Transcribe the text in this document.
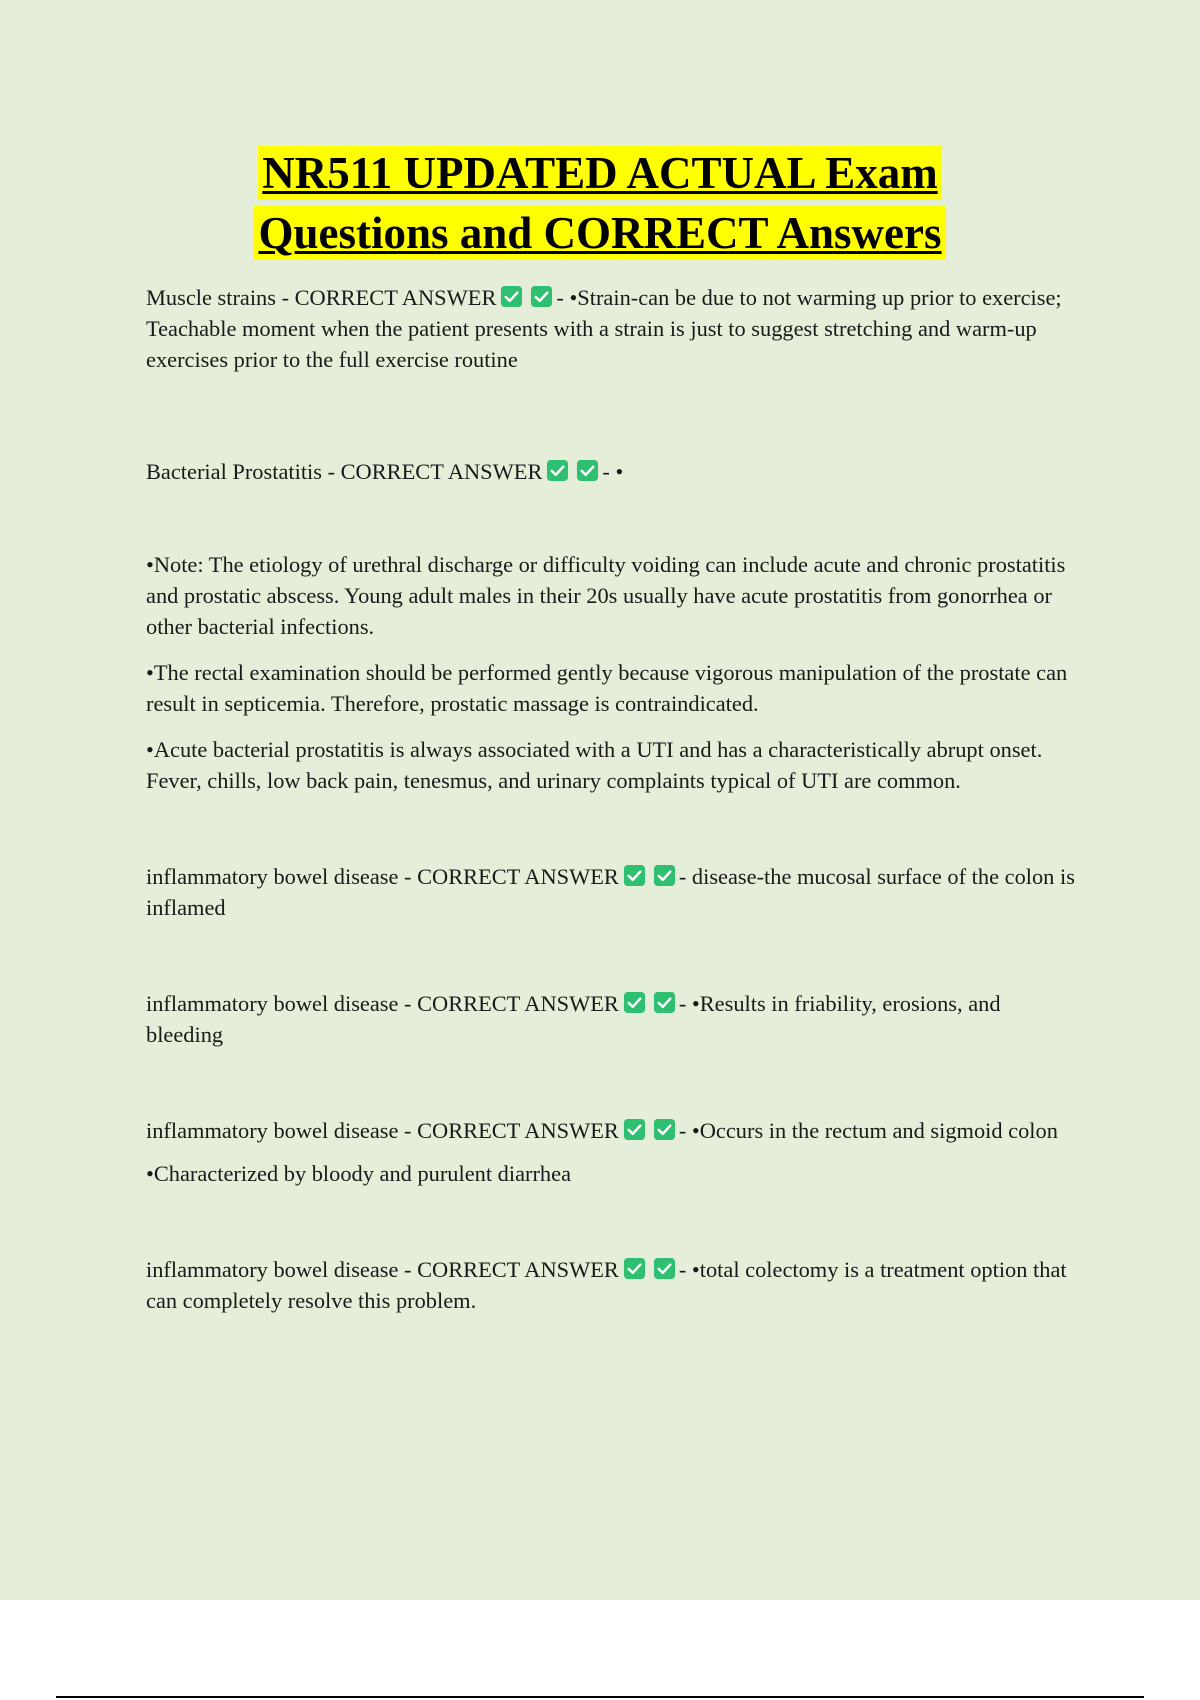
NR511 UPDATED ACTUAL Exam
Questions and CORRECT Answers

Muscle strains - CORRECT ANSWER	- •Strain-can be due to not warming up prior to exercise; Teachable moment when the patient presents with a strain is just to suggest stretching and warm-up exercises prior to the full exercise routine

Bacterial Prostatitis - CORRECT ANSWER	- •

•Note: The etiology of urethral discharge or difficulty voiding can include acute and chronic prostatitis and prostatic abscess. Young adult males in their 20s usually have acute prostatitis from gonorrhea or other bacterial infections.

•The rectal examination should be performed gently because vigorous manipulation of the prostate can result in septicemia. Therefore, prostatic massage is contraindicated.

•Acute bacterial prostatitis is always associated with a UTI and has a characteristically abrupt onset. Fever, chills, low back pain, tenesmus, and urinary complaints typical of UTI are common.

inflammatory bowel disease - CORRECT ANSWER	- disease-the mucosal surface of the colon is inflamed

inflammatory bowel disease - CORRECT ANSWER	- •Results in friability, erosions, and bleeding

inflammatory bowel disease - CORRECT ANSWER	- •Occurs in the rectum and sigmoid colon

•Characterized by bloody and purulent diarrhea

inflammatory bowel disease - CORRECT ANSWER	- •total colectomy is a treatment option that can completely resolve this problem.
